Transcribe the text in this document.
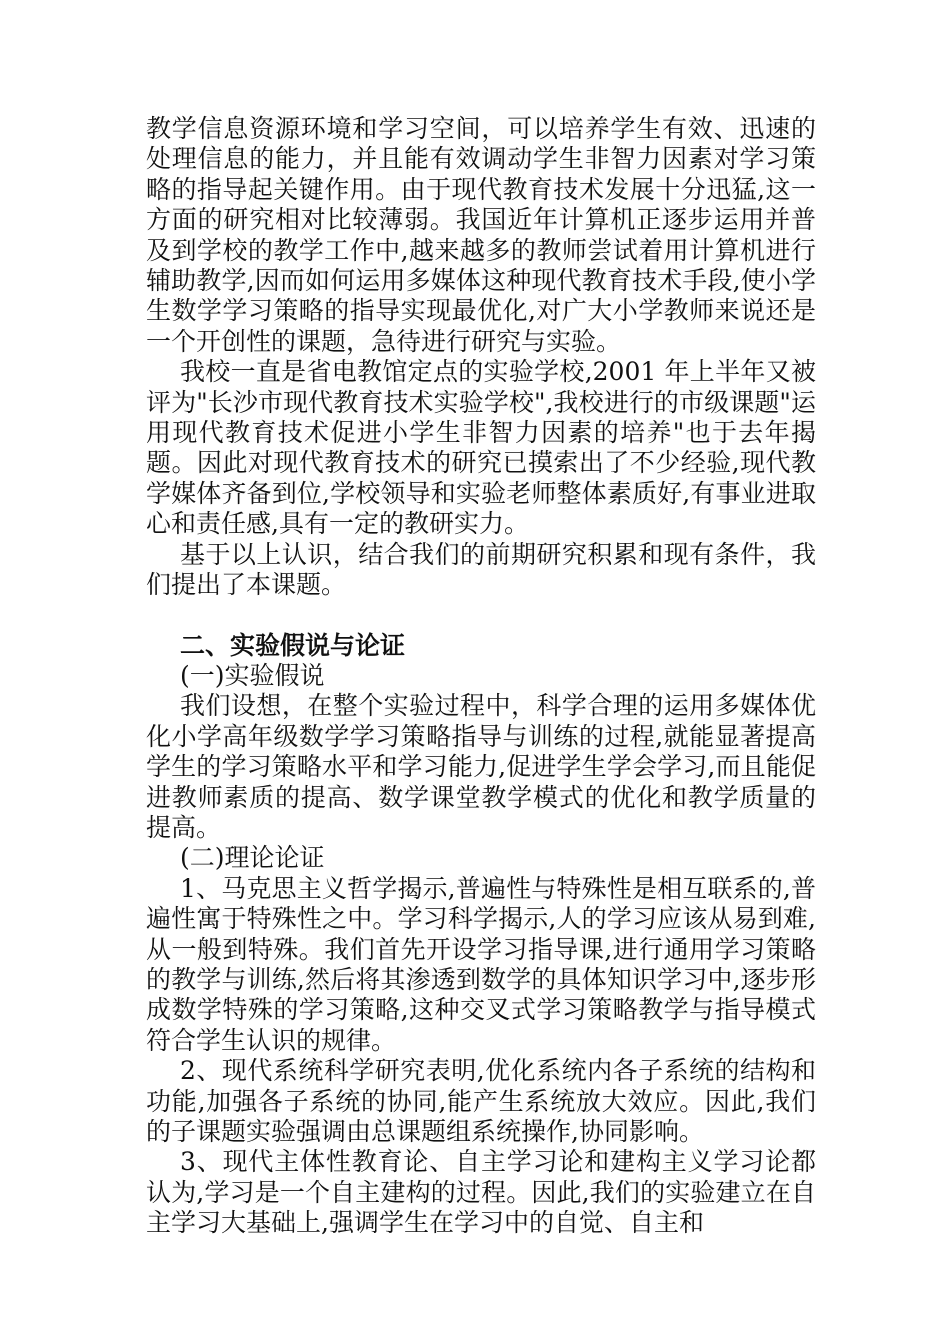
教学信息资源环境和学习空间，可以培养学生有效、迅速的处理信息的能力，并且能有效调动学生非智力因素对学习策略的指导起关键作用。由于现代教育技术发展十分迅猛,这一方面的研究相对比较薄弱。我国近年计算机正逐步运用并普及到学校的教学工作中,越来越多的教师尝试着用计算机进行辅助教学,因而如何运用多媒体这种现代教育技术手段,使小学生数学学习策略的指导实现最优化,对广大小学教师来说还是一个开创性的课题，急待进行研究与实验。

我校一直是省电教馆定点的实验学校,2001 年上半年又被评为"长沙市现代教育技术实验学校",我校进行的市级课题"运用现代教育技术促进小学生非智力因素的培养"也于去年揭题。因此对现代教育技术的研究已摸索出了不少经验,现代教学媒体齐备到位,学校领导和实验老师整体素质好,有事业进取心和责任感,具有一定的教研实力。

基于以上认识，结合我们的前期研究积累和现有条件，我们提出了本课题。

二、实验假说与论证

(一)实验假说

我们设想，在整个实验过程中，科学合理的运用多媒体优化小学高年级数学学习策略指导与训练的过程,就能显著提高学生的学习策略水平和学习能力,促进学生学会学习,而且能促进教师素质的提高、数学课堂教学模式的优化和教学质量的提高。

(二)理论论证

1、马克思主义哲学揭示,普遍性与特殊性是相互联系的,普遍性寓于特殊性之中。学习科学揭示,人的学习应该从易到难,从一般到特殊。我们首先开设学习指导课,进行通用学习策略的教学与训练,然后将其渗透到数学的具体知识学习中,逐步形成数学特殊的学习策略,这种交叉式学习策略教学与指导模式符合学生认识的规律。

2、现代系统科学研究表明,优化系统内各子系统的结构和功能,加强各子系统的协同,能产生系统放大效应。因此,我们的子课题实验强调由总课题组系统操作,协同影响。

3、现代主体性教育论、自主学习论和建构主义学习论都认为,学习是一个自主建构的过程。因此,我们的实验建立在自主学习大基础上,强调学生在学习中的自觉、自主和
